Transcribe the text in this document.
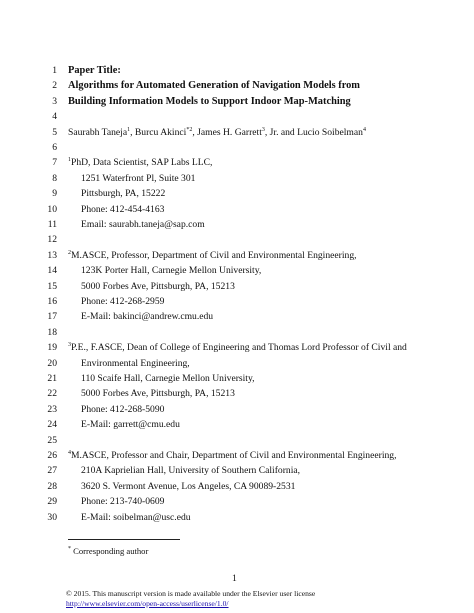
1 Paper Title:
2 Algorithms for Automated Generation of Navigation Models from
3 Building Information Models to Support Indoor Map-Matching
4
5 Saurabh Taneja$^1$, Burcu Akinci$^{*2}$, James H. Garrett$^3$, Jr. and Lucio Soibelman$^4$
6
7 $^1$PhD, Data Scientist, SAP Labs LLC,
8	1251 Waterfront Pl, Suite 301
9	Pittsburgh, PA, 15222
10	Phone: 412-454-4163
11	Email: saurabh.taneja@sap.com
12
13 $^2$M.ASCE, Professor, Department of Civil and Environmental Engineering,
14	123K Porter Hall, Carnegie Mellon University,
15	5000 Forbes Ave, Pittsburgh, PA, 15213
16	Phone: 412-268-2959
17	E-Mail: bakinci@andrew.cmu.edu
18
19 $^3$P.E., F.ASCE, Dean of College of Engineering and Thomas Lord Professor of Civil and
20	Environmental Engineering,
21	110 Scaife Hall, Carnegie Mellon University,
22	5000 Forbes Ave, Pittsburgh, PA, 15213
23	Phone: 412-268-5090
24	E-Mail: garrett@cmu.edu
25
26 $^4$M.ASCE, Professor and Chair, Department of Civil and Environmental Engineering,
27	210A Kaprielian Hall, University of Southern California,
28	3620 S. Vermont Avenue, Los Angeles, CA 90089-2531
29	Phone: 213-740-0609
30	E-Mail: soibelman@usc.edu
* Corresponding author
1
© 2015. This manuscript version is made available under the Elsevier user license
http://www.elsevier.com/open-access/userlicense/1.0/
